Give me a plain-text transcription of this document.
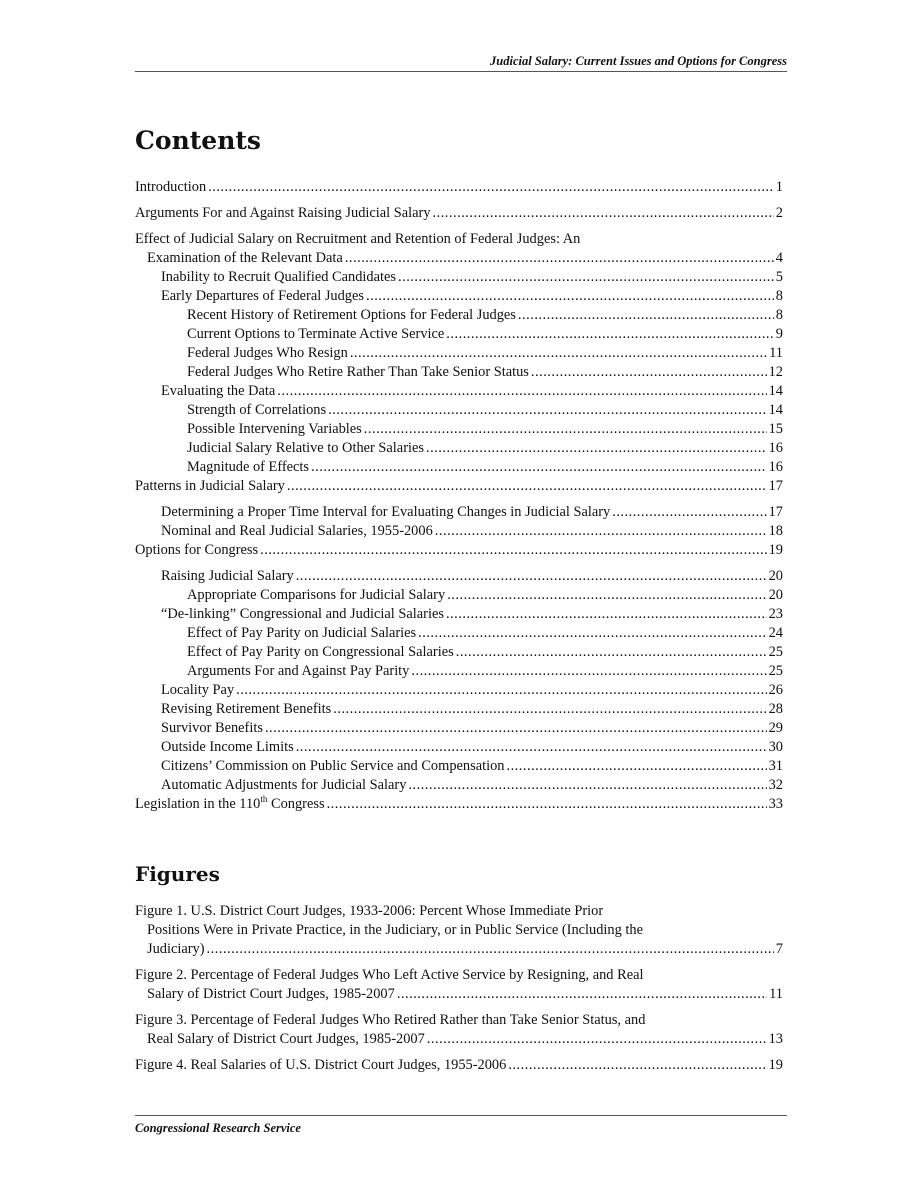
Judicial Salary: Current Issues and Options for Congress
Contents
Introduction .....	1
Arguments For and Against Raising Judicial Salary .....	2
Effect of Judicial Salary on Recruitment and Retention of Federal Judges: An
Examination of the Relevant Data .....	4
Inability to Recruit Qualified Candidates .....	5
Early Departures of Federal Judges .....	8
Recent History of Retirement Options for Federal Judges .....	8
Current Options to Terminate Active Service .....	9
Federal Judges Who Resign .....	11
Federal Judges Who Retire Rather Than Take Senior Status .....	12
Evaluating the Data .....	14
Strength of Correlations .....	14
Possible Intervening Variables .....	15
Judicial Salary Relative to Other Salaries .....	16
Magnitude of Effects .....	16
Patterns in Judicial Salary .....	17
Determining a Proper Time Interval for Evaluating Changes in Judicial Salary .....	17
Nominal and Real Judicial Salaries, 1955-2006 .....	18
Options for Congress .....	19
Raising Judicial Salary .....	20
Appropriate Comparisons for Judicial Salary .....	20
“De-linking” Congressional and Judicial Salaries .....	23
Effect of Pay Parity on Judicial Salaries .....	24
Effect of Pay Parity on Congressional Salaries .....	25
Arguments For and Against Pay Parity .....	25
Locality Pay .....	26
Revising Retirement Benefits .....	28
Survivor Benefits .....	29
Outside Income Limits .....	30
Citizens’ Commission on Public Service and Compensation .....	31
Automatic Adjustments for Judicial Salary .....	32
Legislation in the 110th Congress .....	33
Figures
Figure 1. U.S. District Court Judges, 1933-2006: Percent Whose Immediate Prior
Positions Were in Private Practice, in the Judiciary, or in Public Service (Including the
Judiciary) .....	7
Figure 2. Percentage of Federal Judges Who Left Active Service by Resigning, and Real
Salary of District Court Judges, 1985-2007 .....	11
Figure 3. Percentage of Federal Judges Who Retired Rather than Take Senior Status, and
Real Salary of District Court Judges, 1985-2007 .....	13
Figure 4. Real Salaries of U.S. District Court Judges, 1955-2006 .....	19
Congressional Research Service
